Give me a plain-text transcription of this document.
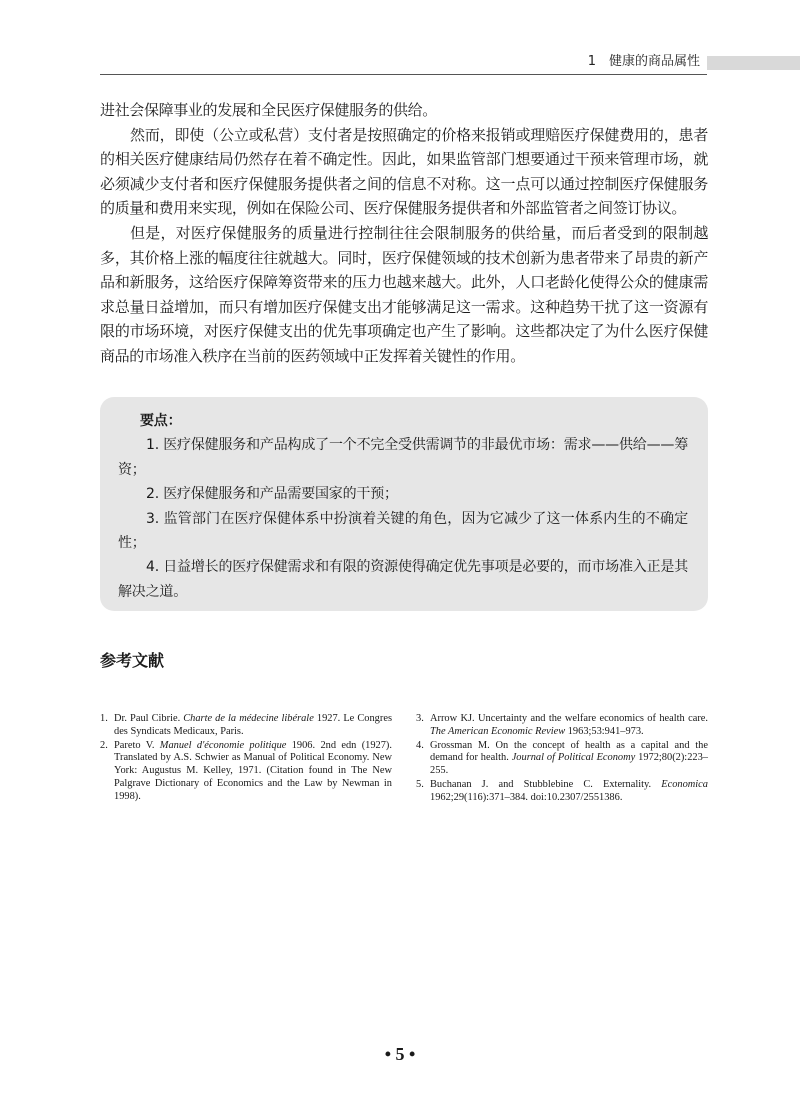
1　健康的商品属性

进社会保障事业的发展和全民医疗保健服务的供给。

然而，即使（公立或私营）支付者是按照确定的价格来报销或理赔医疗保健费用的，患者的相关医疗健康结局仍然存在着不确定性。因此，如果监管部门想要通过干预来管理市场，就必须减少支付者和医疗保健服务提供者之间的信息不对称。这一点可以通过控制医疗保健服务的质量和费用来实现，例如在保险公司、医疗保健服务提供者和外部监管者之间签订协议。

但是，对医疗保健服务的质量进行控制往往会限制服务的供给量，而后者受到的限制越多，其价格上涨的幅度往往就越大。同时，医疗保健领域的技术创新为患者带来了昂贵的新产品和新服务，这给医疗保障筹资带来的压力也越来越大。此外，人口老龄化使得公众的健康需求总量日益增加，而只有增加医疗保健支出才能够满足这一需求。这种趋势干扰了这一资源有限的市场环境，对医疗保健支出的优先事项确定也产生了影响。这些都决定了为什么医疗保健商品的市场准入秩序在当前的医药领域中正发挥着关键性的作用。

要点：

1. 医疗保健服务和产品构成了一个不完全受供需调节的非最优市场：需求——供给——筹资；

2. 医疗保健服务和产品需要国家的干预；

3. 监管部门在医疗保健体系中扮演着关键的角色，因为它减少了这一体系内生的不确定性；

4. 日益增长的医疗保健需求和有限的资源使得确定优先事项是必要的，而市场准入正是其解决之道。

参考文献
1. Dr. Paul Cibrie. Charte de la médecine libérale 1927. Le Congres des Syndicats Medicaux, Paris.
2. Pareto V. Manuel d'économie politique 1906. 2nd edn (1927). Translated by A.S. Schwier as Manual of Political Economy. New York: Augustus M. Kelley, 1971. (Citation found in The New Palgrave Dictionary of Economics and the Law by Newman in 1998).
3. Arrow KJ. Uncertainty and the welfare economics of health care. The American Economic Review 1963;53:941–973.
4. Grossman M. On the concept of health as a capital and the demand for health. Journal of Political Economy 1972;80(2):223–255.
5. Buchanan J. and Stubblebine C. Externality. Economica 1962;29(116):371–384. doi:10.2307/2551386.
• 5 •
